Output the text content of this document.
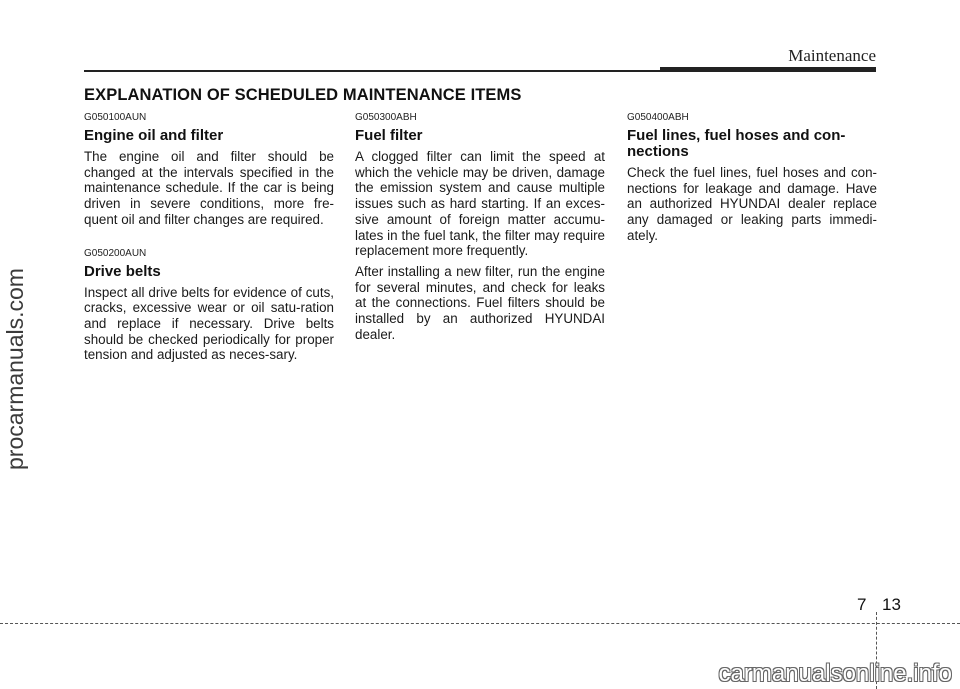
Maintenance
EXPLANATION OF SCHEDULED MAINTENANCE ITEMS
G050100AUN
Engine oil and filter

The engine oil and filter should be changed at the intervals specified in the maintenance schedule. If the car is being driven in severe conditions, more fre-quent oil and filter changes are required.

G050200AUN
Drive belts

Inspect all drive belts for evidence of cuts, cracks, excessive wear or oil satu-ration and replace if necessary. Drive belts should be checked periodically for proper tension and adjusted as neces-sary.

G050300ABH
Fuel filter

A clogged filter can limit the speed at which the vehicle may be driven, damage the emission system and cause multiple issues such as hard starting. If an exces-sive amount of foreign matter accumu-lates in the fuel tank, the filter may require replacement more frequently.

After installing a new filter, run the engine for several minutes, and check for leaks at the connections. Fuel filters should be installed by an authorized HYUNDAI dealer.

G050400ABH
Fuel lines, fuel hoses and con-nections

Check the fuel lines, fuel hoses and con-nections for leakage and damage. Have an authorized HYUNDAI dealer replace any damaged or leaking parts immedi-ately.

procarmanuals.com
7 13
carmanualsonline.info
